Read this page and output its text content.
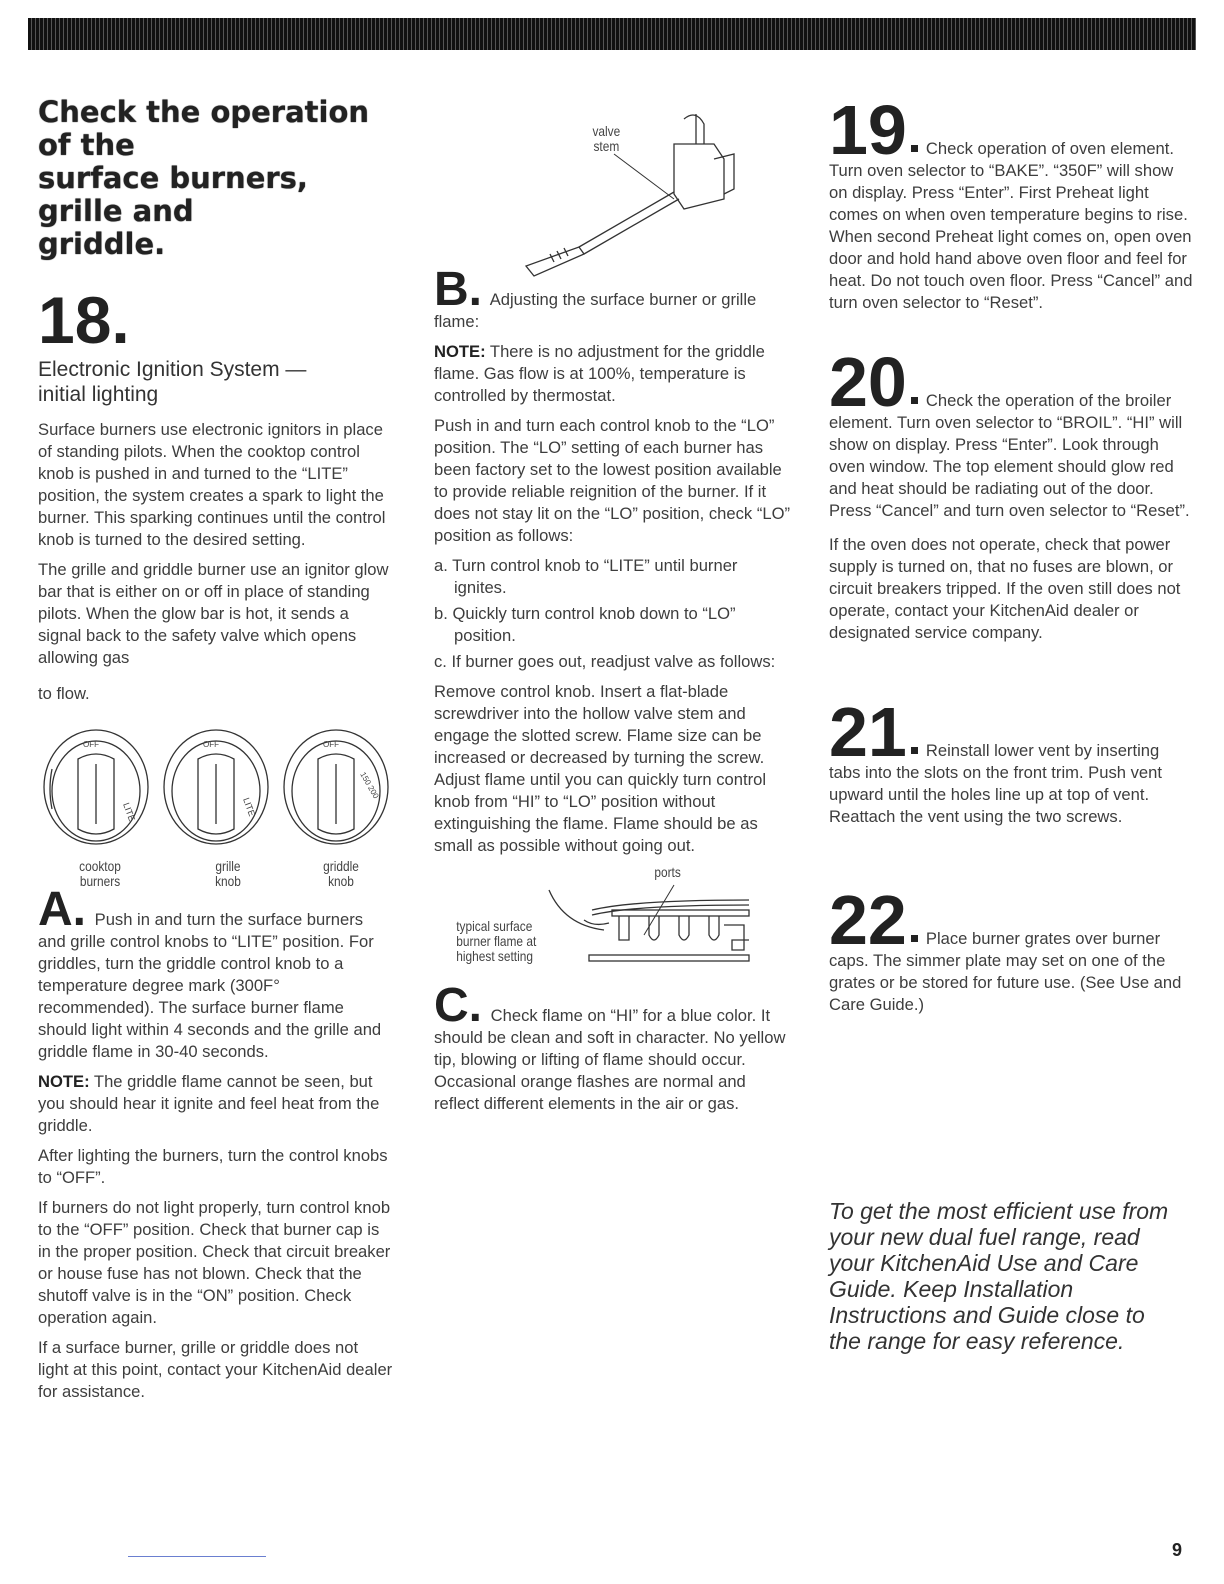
Check the operation of the
surface burners, grille and
griddle.
18.
Electronic Ignition System —
initial lighting

Surface burners use electronic ignitors in place of standing pilots. When the cooktop control knob is pushed in and turned to the “LITE” position, the system creates a spark to light the burner. This sparking continues until the control knob is turned to the desired setting.

The grille and griddle burner use an ignitor glow bar that is either on or off in place of standing pilots. When the glow bar is hot, it sends a signal back to the safety valve which opens allowing gas

to flow.

LITE
OFF
LITE
OFF
150 200
OFF
cooktop
burners
grille
knob
griddle
knob

A. Push in and turn the surface burners and grille control knobs to “LITE” position. For griddles, turn the griddle control knob to a temperature degree mark (300F° recommended). The surface burner flame should light within 4 seconds and the grille and griddle flame in 30-40 seconds.

NOTE: The griddle flame cannot be seen, but you should hear it ignite and feel heat from the griddle.

After lighting the burners, turn the control knobs to “OFF”.

If burners do not light properly, turn control knob to the “OFF” position. Check that burner cap is in the proper position. Check that circuit breaker or house fuse has not blown. Check that the shutoff valve is in the “ON” position. Check operation again.

If a surface burner, grille or griddle does not light at this point, contact your KitchenAid dealer for assistance.

valve
stem

B. Adjusting the surface burner or grille flame:

NOTE: There is no adjustment for the griddle flame. Gas flow is at 100%, temperature is controlled by thermostat.

Push in and turn each control knob to the “LO” position. The “LO” setting of each burner has been factory set to the lowest position available to provide reliable reignition of the burner. If it does not stay lit on the “LO” position, check “LO” position as follows:

a. Turn control knob to “LITE” until burner ignites.
b. Quickly turn control knob down to “LO” position.
c. If burner goes out, readjust valve as follows:

Remove control knob. Insert a flat-blade screwdriver into the hollow valve stem and engage the slotted screw. Flame size can be increased or decreased by turning the screw. Adjust flame until you can quickly turn control knob from “HI” to “LO” position without extinguishing the flame. Flame should be as small as possible without going out.

ports
typical surface
burner flame at
highest setting

C. Check flame on “HI” for a blue color. It should be clean and soft in character. No yellow tip, blowing or lifting of flame should occur. Occasional orange flashes are normal and reflect different elements in the air or gas.

19 Check operation of oven element. Turn oven selector to “BAKE”. “350F” will show on display. Press “Enter”. First Preheat light comes on when oven temperature begins to rise. When second Preheat light comes on, open oven door and hold hand above oven floor and feel for heat. Do not touch oven floor. Press “Cancel” and turn oven selector to “Reset”.
20 Check the operation of the broiler element. Turn oven selector to “BROIL”. “HI” will show on display. Press “Enter”. Look through oven window. The top element should glow red and heat should be radiating out of the door. Press “Cancel” and turn oven selector to “Reset”.

If the oven does not operate, check that power supply is turned on, that no fuses are blown, or circuit breakers tripped. If the oven still does not operate, contact your KitchenAid dealer or designated service company.

21 Reinstall lower vent by inserting tabs into the slots on the front trim. Push vent upward until the holes line up at top of vent. Reattach the vent using the two screws.
22 Place burner grates over burner caps. The simmer plate may set on one of the grates or be stored for future use. (See Use and Care Guide.)

To get the most efficient use from your new dual fuel range, read your KitchenAid Use and Care Guide. Keep Installation Instructions and Guide close to the range for easy reference.

9
